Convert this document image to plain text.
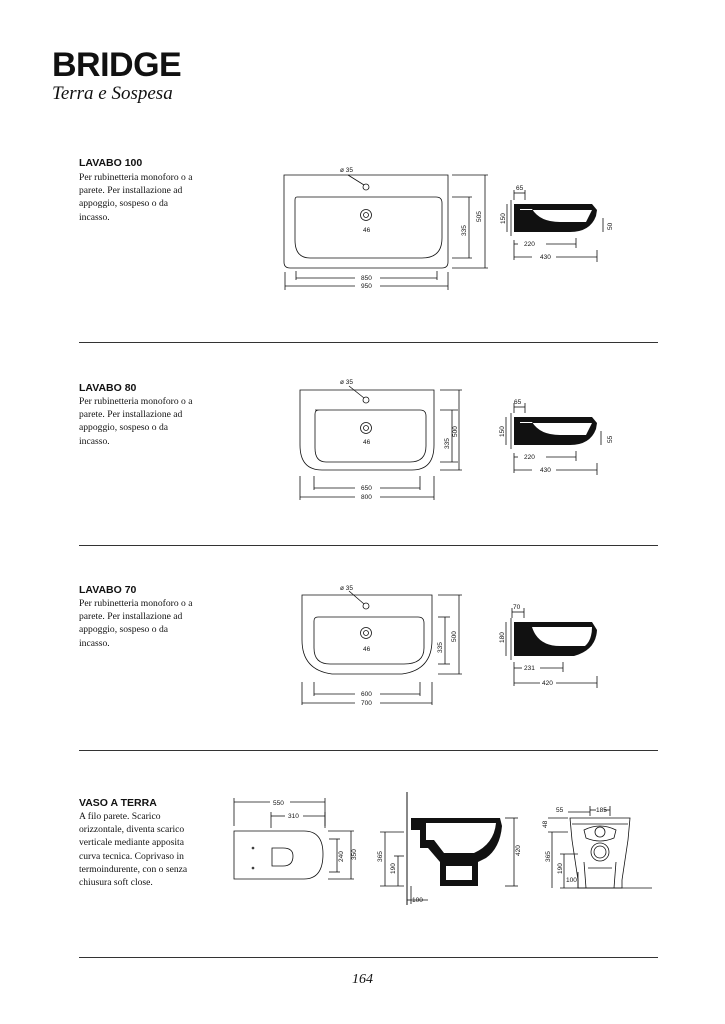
BRIDGE
Terra e Sospesa
LAVABO 100
Per rubinetteria monoforo o a parete. Per installazione ad appoggio, sospeso o da incasso.
ø 35
46
850
950
335
505
65
150
220
430
50
LAVABO 80
Per rubinetteria monoforo o a parete. Per installazione ad appoggio, sospeso o da incasso.
ø 35
46
650
800
335
500
65
150
220
430
55
LAVABO 70
Per rubinetteria monoforo o a parete. Per installazione ad appoggio, sospeso o da incasso.
ø 35
46
600
700
335
500
70
180
231
420
VASO A TERRA
A filo parete. Scarico orizzontale, diventa scarico verticale mediante apposita curva tecnica. Coprivaso in termoindurente, con o senza chiusura soft close.
550
310
350
240	365
190
420
100
55	185
48
365
190
100
164
